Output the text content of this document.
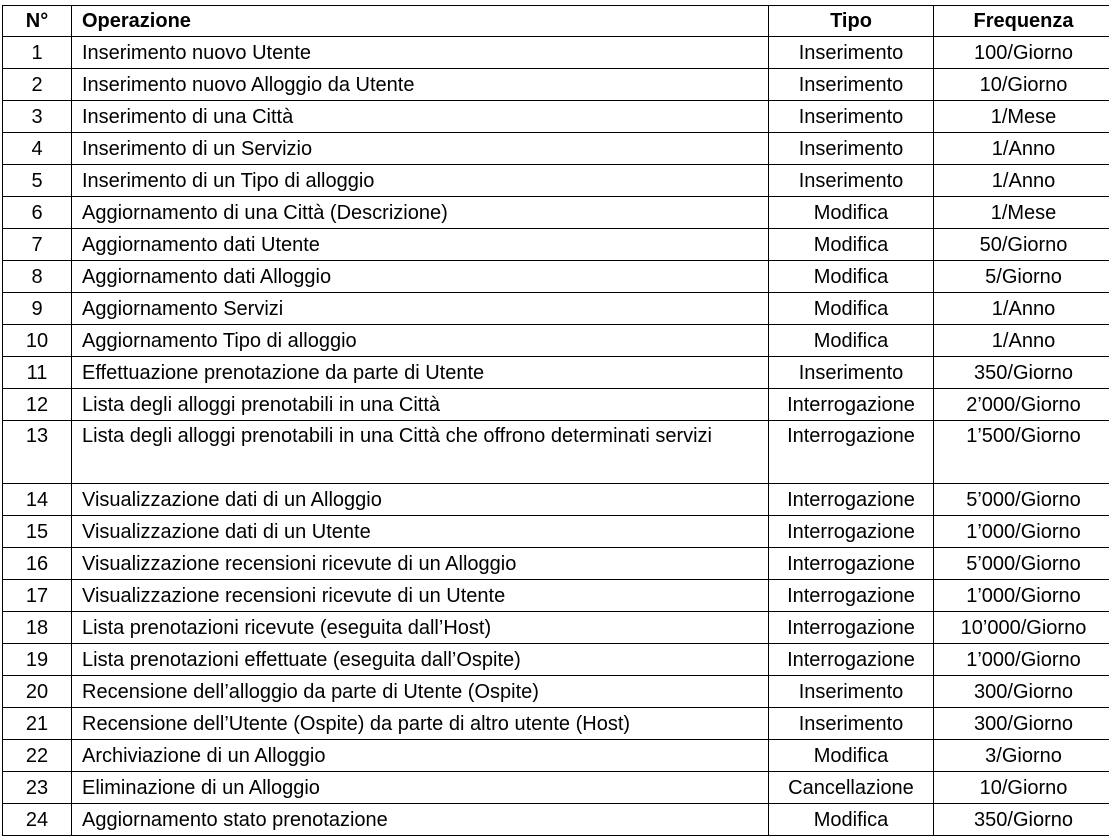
N°	Operazione	Tipo	Frequenza
1	Inserimento nuovo Utente	Inserimento	100/Giorno
2	Inserimento nuovo Alloggio da Utente	Inserimento	10/Giorno
3	Inserimento di una Città	Inserimento	1/Mese
4	Inserimento di un Servizio	Inserimento	1/Anno
5	Inserimento di un Tipo di alloggio	Inserimento	1/Anno
6	Aggiornamento di una Città (Descrizione)	Modifica	1/Mese
7	Aggiornamento dati Utente	Modifica	50/Giorno
8	Aggiornamento dati Alloggio	Modifica	5/Giorno
9	Aggiornamento Servizi	Modifica	1/Anno
10	Aggiornamento Tipo di alloggio	Modifica	1/Anno
11	Effettuazione prenotazione da parte di Utente	Inserimento	350/Giorno
12	Lista degli alloggi prenotabili in una Città	Interrogazione	2’000/Giorno
13	Lista degli alloggi prenotabili in una Città che offrono determinati servizi	Interrogazione	1’500/Giorno
14	Visualizzazione dati di un Alloggio	Interrogazione	5’000/Giorno
15	Visualizzazione dati di un Utente	Interrogazione	1’000/Giorno
16	Visualizzazione recensioni ricevute di un Alloggio	Interrogazione	5’000/Giorno
17	Visualizzazione recensioni ricevute di un Utente	Interrogazione	1’000/Giorno
18	Lista prenotazioni ricevute (eseguita dall’Host)	Interrogazione	10’000/Giorno
19	Lista prenotazioni effettuate (eseguita dall’Ospite)	Interrogazione	1’000/Giorno
20	Recensione dell’alloggio da parte di Utente (Ospite)	Inserimento	300/Giorno
21	Recensione dell’Utente (Ospite) da parte di altro utente (Host)	Inserimento	300/Giorno
22	Archiviazione di un Alloggio	Modifica	3/Giorno
23	Eliminazione di un Alloggio	Cancellazione	10/Giorno
24	Aggiornamento stato prenotazione	Modifica	350/Giorno
